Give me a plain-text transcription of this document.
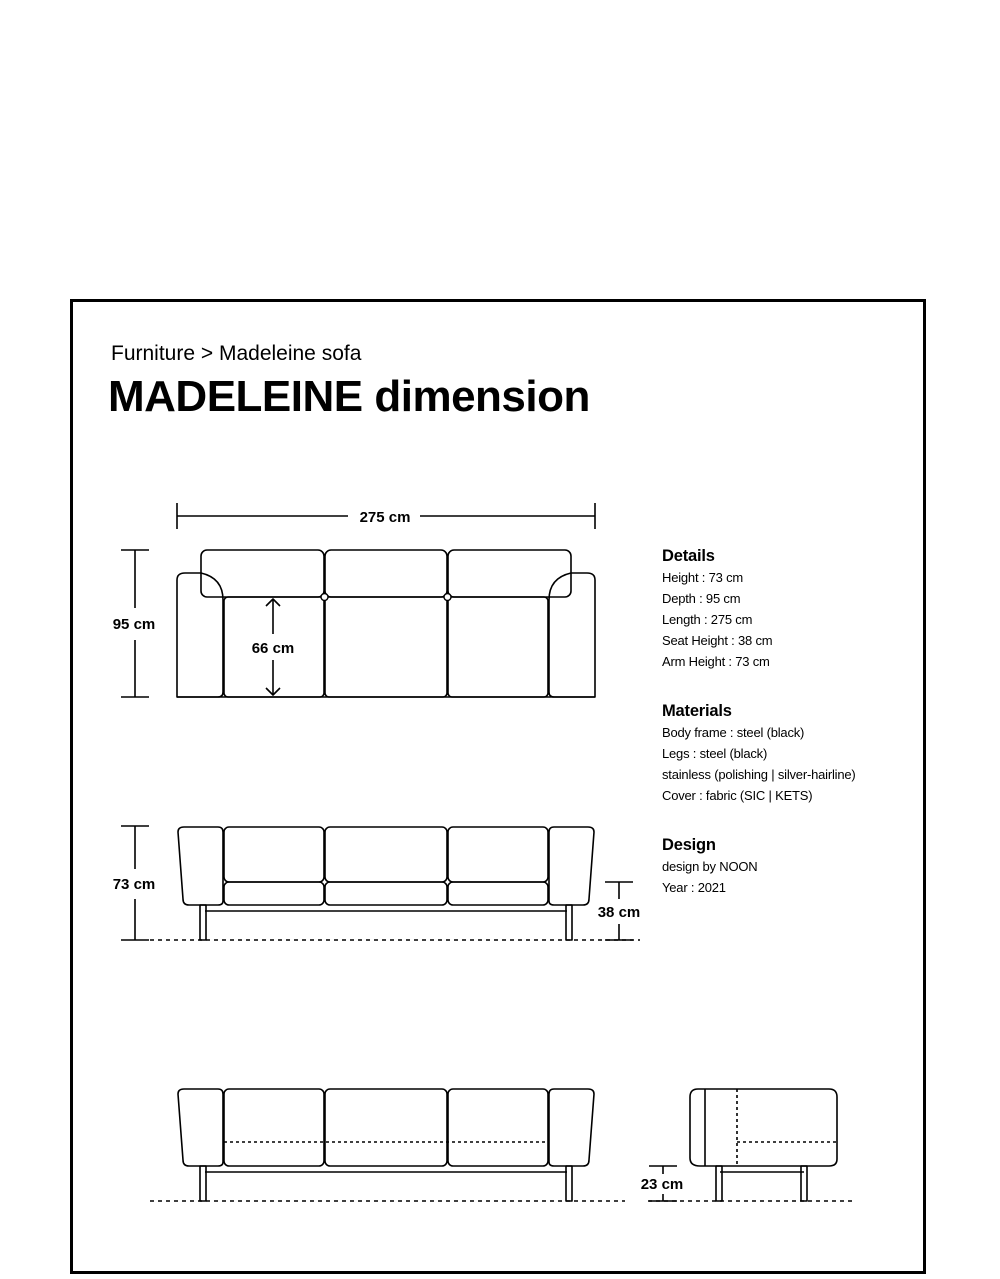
Furniture > Madeleine sofa
MADELEINE dimension
275 cm
95 cm
66 cm
73 cm
38 cm
23 cm
Details
Height : 73 cm
Depth : 95 cm
Length : 275 cm
Seat Height : 38 cm
Arm Height : 73 cm
Materials
Body frame : steel (black)
Legs : steel (black)
stainless (polishing | silver-hairline)
Cover : fabric (SIC | KETS)
Design
design by NOON
Year : 2021
